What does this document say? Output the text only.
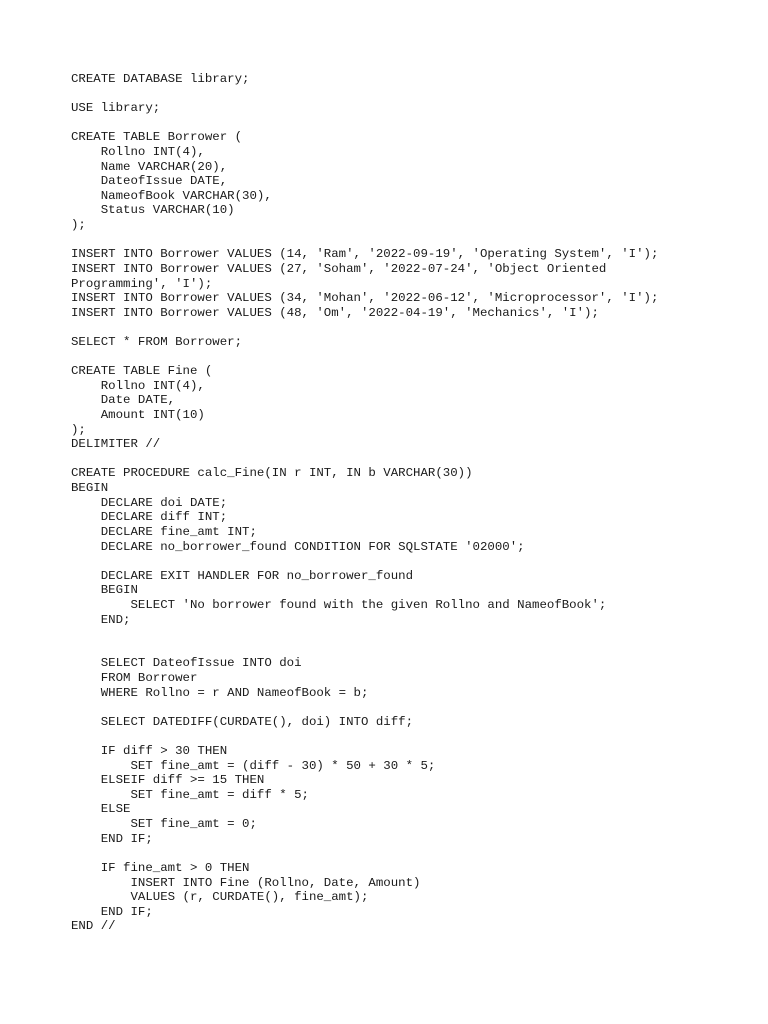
CREATE DATABASE library;
USE library;
CREATE TABLE Borrower (
Rollno INT(4),
Name VARCHAR(20),
DateofIssue DATE,
NameofBook VARCHAR(30),
Status VARCHAR(10)
);
INSERT INTO Borrower VALUES (14, 'Ram', '2022-09-19', 'Operating System', 'I');
INSERT INTO Borrower VALUES (27, 'Soham', '2022-07-24', 'Object Oriented
Programming', 'I');
INSERT INTO Borrower VALUES (34, 'Mohan', '2022-06-12', 'Microprocessor', 'I');
INSERT INTO Borrower VALUES (48, 'Om', '2022-04-19', 'Mechanics', 'I');
SELECT * FROM Borrower;
CREATE TABLE Fine (
Rollno INT(4),
Date DATE,
Amount INT(10)
);
DELIMITER //
CREATE PROCEDURE calc_Fine(IN r INT, IN b VARCHAR(30))
BEGIN
DECLARE doi DATE;
DECLARE diff INT;
DECLARE fine_amt INT;
DECLARE no_borrower_found CONDITION FOR SQLSTATE '02000';
DECLARE EXIT HANDLER FOR no_borrower_found
BEGIN
SELECT 'No borrower found with the given Rollno and NameofBook';
END;
SELECT DateofIssue INTO doi
FROM Borrower
WHERE Rollno = r AND NameofBook = b;
SELECT DATEDIFF(CURDATE(), doi) INTO diff;
IF diff > 30 THEN
SET fine_amt = (diff - 30) * 50 + 30 * 5;
ELSEIF diff >= 15 THEN
SET fine_amt = diff * 5;
ELSE
SET fine_amt = 0;
END IF;
IF fine_amt > 0 THEN
INSERT INTO Fine (Rollno, Date, Amount)
VALUES (r, CURDATE(), fine_amt);
END IF;
END //
